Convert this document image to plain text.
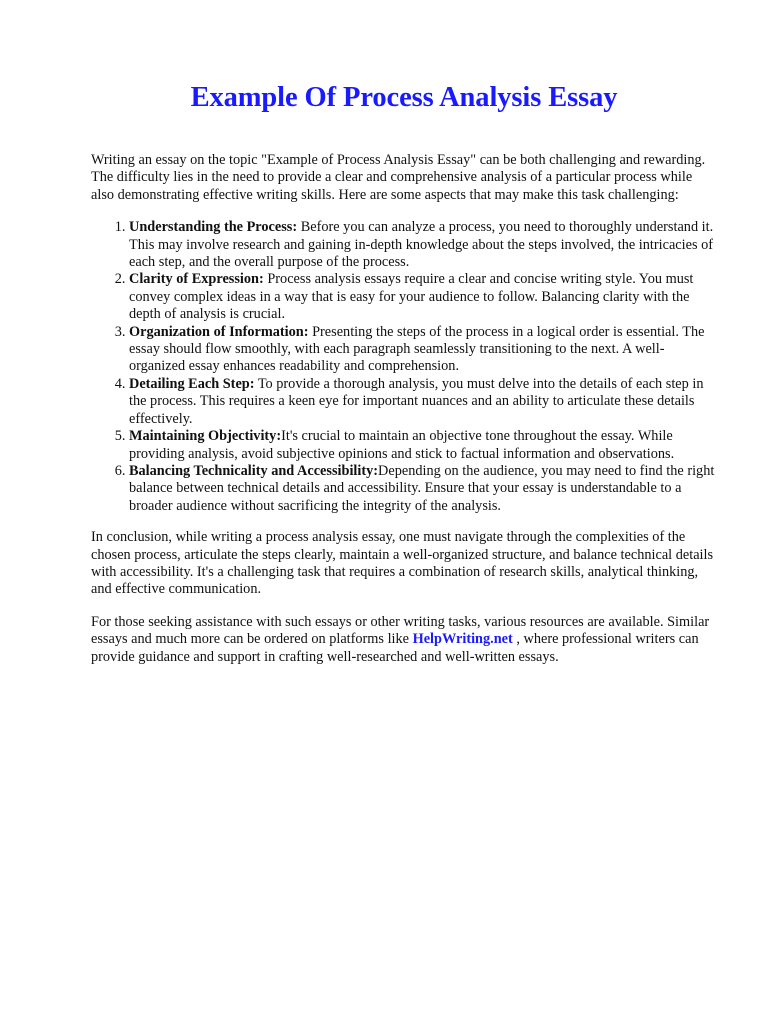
Example Of Process Analysis Essay

Writing an essay on the topic "Example of Process Analysis Essay" can be both challenging and rewarding. The difficulty lies in the need to provide a clear and comprehensive analysis of a particular process while also demonstrating effective writing skills. Here are some aspects that may make this task challenging:

1. Understanding the Process: Before you can analyze a process, you need to thoroughly understand it. This may involve research and gaining in-depth knowledge about the steps involved, the intricacies of each step, and the overall purpose of the process.
2. Clarity of Expression: Process analysis essays require a clear and concise writing style. You must convey complex ideas in a way that is easy for your audience to follow. Balancing clarity with the depth of analysis is crucial.
3. Organization of Information: Presenting the steps of the process in a logical order is essential. The essay should flow smoothly, with each paragraph seamlessly transitioning to the next. A well-organized essay enhances readability and comprehension.
4. Detailing Each Step: To provide a thorough analysis, you must delve into the details of each step in the process. This requires a keen eye for important nuances and an ability to articulate these details effectively.
5. Maintaining Objectivity:It's crucial to maintain an objective tone throughout the essay. While providing analysis, avoid subjective opinions and stick to factual information and observations.
6. Balancing Technicality and Accessibility:Depending on the audience, you may need to find the right balance between technical details and accessibility. Ensure that your essay is understandable to a broader audience without sacrificing the integrity of the analysis.

In conclusion, while writing a process analysis essay, one must navigate through the complexities of the chosen process, articulate the steps clearly, maintain a well-organized structure, and balance technical details with accessibility. It's a challenging task that requires a combination of research skills, analytical thinking, and effective communication.

For those seeking assistance with such essays or other writing tasks, various resources are available. Similar essays and much more can be ordered on platforms like HelpWriting.net , where professional writers can provide guidance and support in crafting well-researched and well-written essays.
